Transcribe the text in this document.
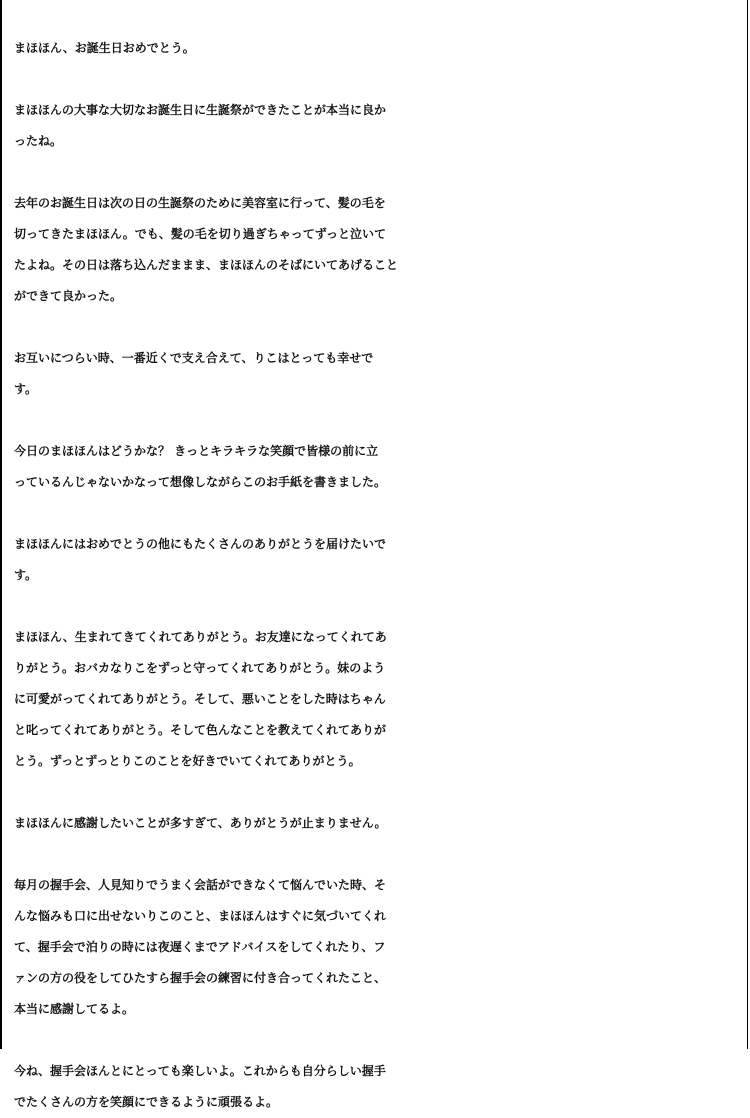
まほほん、お誕生日おめでとう。
まほほんの大事な大切なお誕生日に生誕祭ができたことが本当に良か
ったね。
去年のお誕生日は次の日の生誕祭のために美容室に行って、髪の毛を
切ってきたまほほん。でも、髪の毛を切り過ぎちゃってずっと泣いて
たよね。その日は落ち込んだままま、まほほんのそばにいてあげること
ができて良かった。
お互いにつらい時、一番近くで支え合えて、りこはとっても幸せで
す。
今日のまほほんはどうかな？ きっとキラキラな笑顔で皆様の前に立
っているんじゃないかなって想像しながらこのお手紙を書きました。
まほほんにはおめでとうの他にもたくさんのありがとうを届けたいで
す。
まほほん、生まれてきてくれてありがとう。お友達になってくれてあ
りがとう。おバカなりこをずっと守ってくれてありがとう。妹のよう
に可愛がってくれてありがとう。そして、悪いことをした時はちゃん
と叱ってくれてありがとう。そして色んなことを教えてくれてありが
とう。ずっとずっとりこのことを好きでいてくれてありがとう。
まほほんに感謝したいことが多すぎて、ありがとうが止まりません。
毎月の握手会、人見知りでうまく会話ができなくて悩んでいた時、そ
んな悩みも口に出せないりこのこと、まほほんはすぐに気づいてくれ
て、握手会で泊りの時には夜遅くまでアドバイスをしてくれたり、フ
ァンの方の役をしてひたすら握手会の練習に付き合ってくれたこと、
本当に感謝してるよ。
今ね、握手会ほんとにとっても楽しいよ。これからも自分らしい握手
でたくさんの方を笑顔にできるように頑張るよ。
